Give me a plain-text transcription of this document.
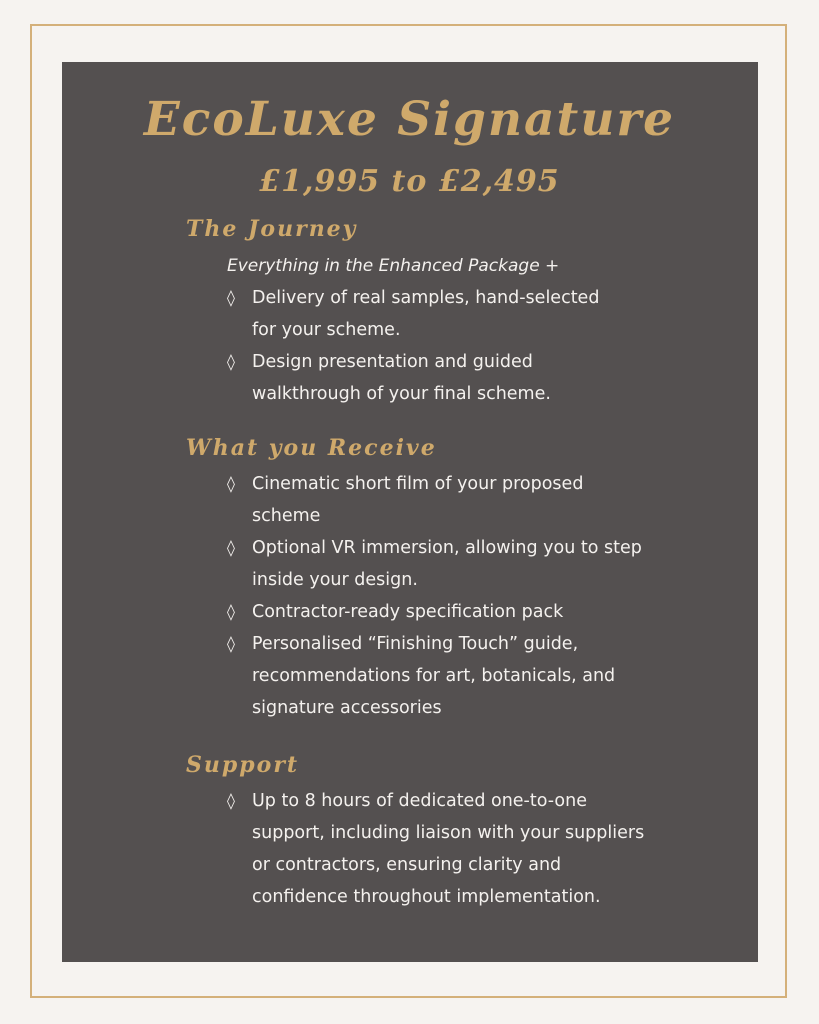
EcoLuxe Signature
£1,995 to £2,495
The Journey

Everything in the Enhanced Package +

◊ Delivery of real samples, hand-selected for your scheme.
◊ Design presentation and guided walkthrough of your final scheme.
What you Receive
◊ Cinematic short film of your proposed scheme
◊ Optional VR immersion, allowing you to step inside your design.
◊ Contractor-ready specification pack
◊ Personalised “Finishing Touch” guide, recommendations for art, botanicals, and signature accessories
Support
◊ Up to 8 hours of dedicated one-to-one support, including liaison with your suppliers or contractors, ensuring clarity and confidence throughout implementation.
